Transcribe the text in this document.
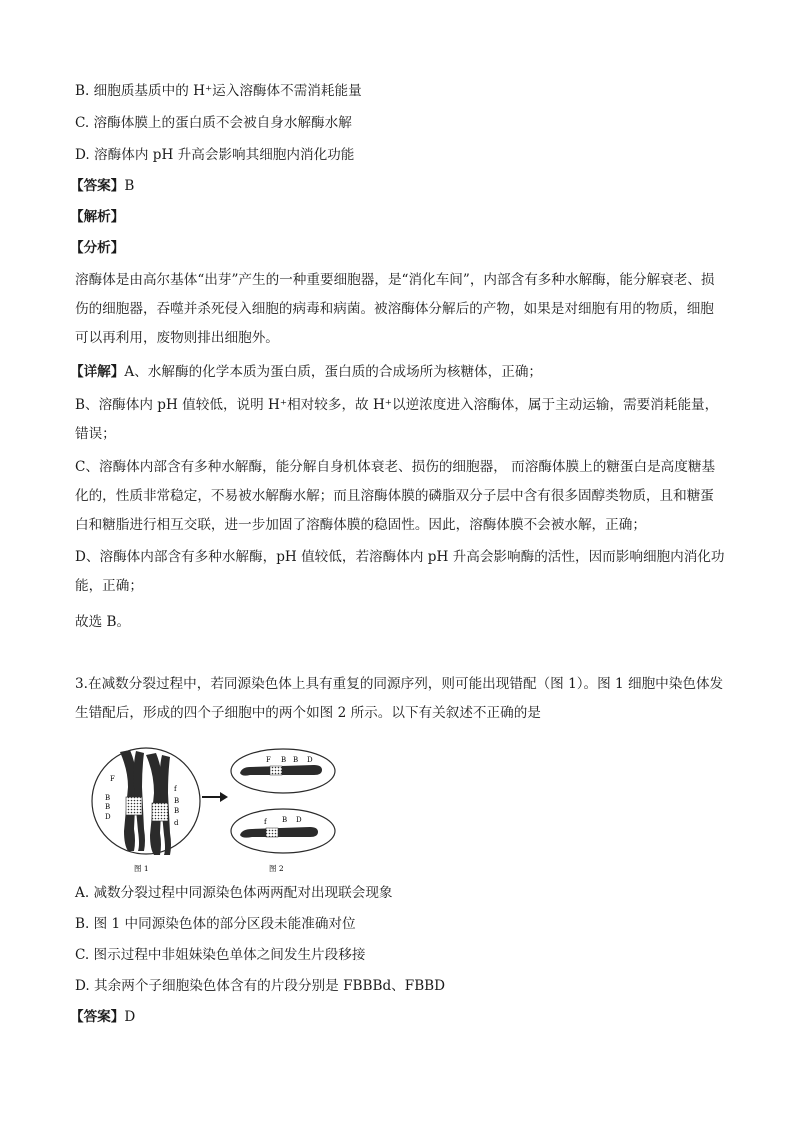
B. 细胞质基质中的 H⁺运入溶酶体不需消耗能量
C. 溶酶体膜上的蛋白质不会被自身水解酶水解
D. 溶酶体内 pH 升高会影响其细胞内消化功能
【答案】B
【解析】
【分析】
溶酶体是由高尔基体“出芽”产生的一种重要细胞器，是“消化车间”，内部含有多种水解酶，能分解衰老、损伤的细胞器，吞噬并杀死侵入细胞的病毒和病菌。被溶酶体分解后的产物，如果是对细胞有用的物质，细胞可以再利用，废物则排出细胞外。
【详解】A、水解酶的化学本质为蛋白质，蛋白质的合成场所为核糖体，正确；
B、溶酶体内 pH 值较低，说明 H⁺相对较多，故 H⁺以逆浓度进入溶酶体，属于主动运输，需要消耗能量，错误；
C、溶酶体内部含有多种水解酶，能分解自身机体衰老、损伤的细胞器， 而溶酶体膜上的糖蛋白是高度糖基化的，性质非常稳定，不易被水解酶水解；而且溶酶体膜的磷脂双分子层中含有很多固醇类物质，且和糖蛋白和糖脂进行相互交联，进一步加固了溶酶体膜的稳固性。因此，溶酶体膜不会被水解，正确；
D、溶酶体内部含有多种水解酶，pH 值较低，若溶酶体内 pH 升高会影响酶的活性，因而影响细胞内消化功能，正确；
故选 B。
3.在减数分裂过程中，若同源染色体上具有重复的同源序列，则可能出现错配（图 1）。图 1 细胞中染色体发生错配后，形成的四个子细胞中的两个如图 2 所示。以下有关叙述不正确的是
F
B
B
D
f
B
B
d
F B B D
f B D
图 1	图 2
A. 减数分裂过程中同源染色体两两配对出现联会现象
B. 图 1 中同源染色体的部分区段未能准确对位
C. 图示过程中非姐妹染色单体之间发生片段移接
D. 其余两个子细胞染色体含有的片段分别是 FBBBd、FBBD
【答案】D
